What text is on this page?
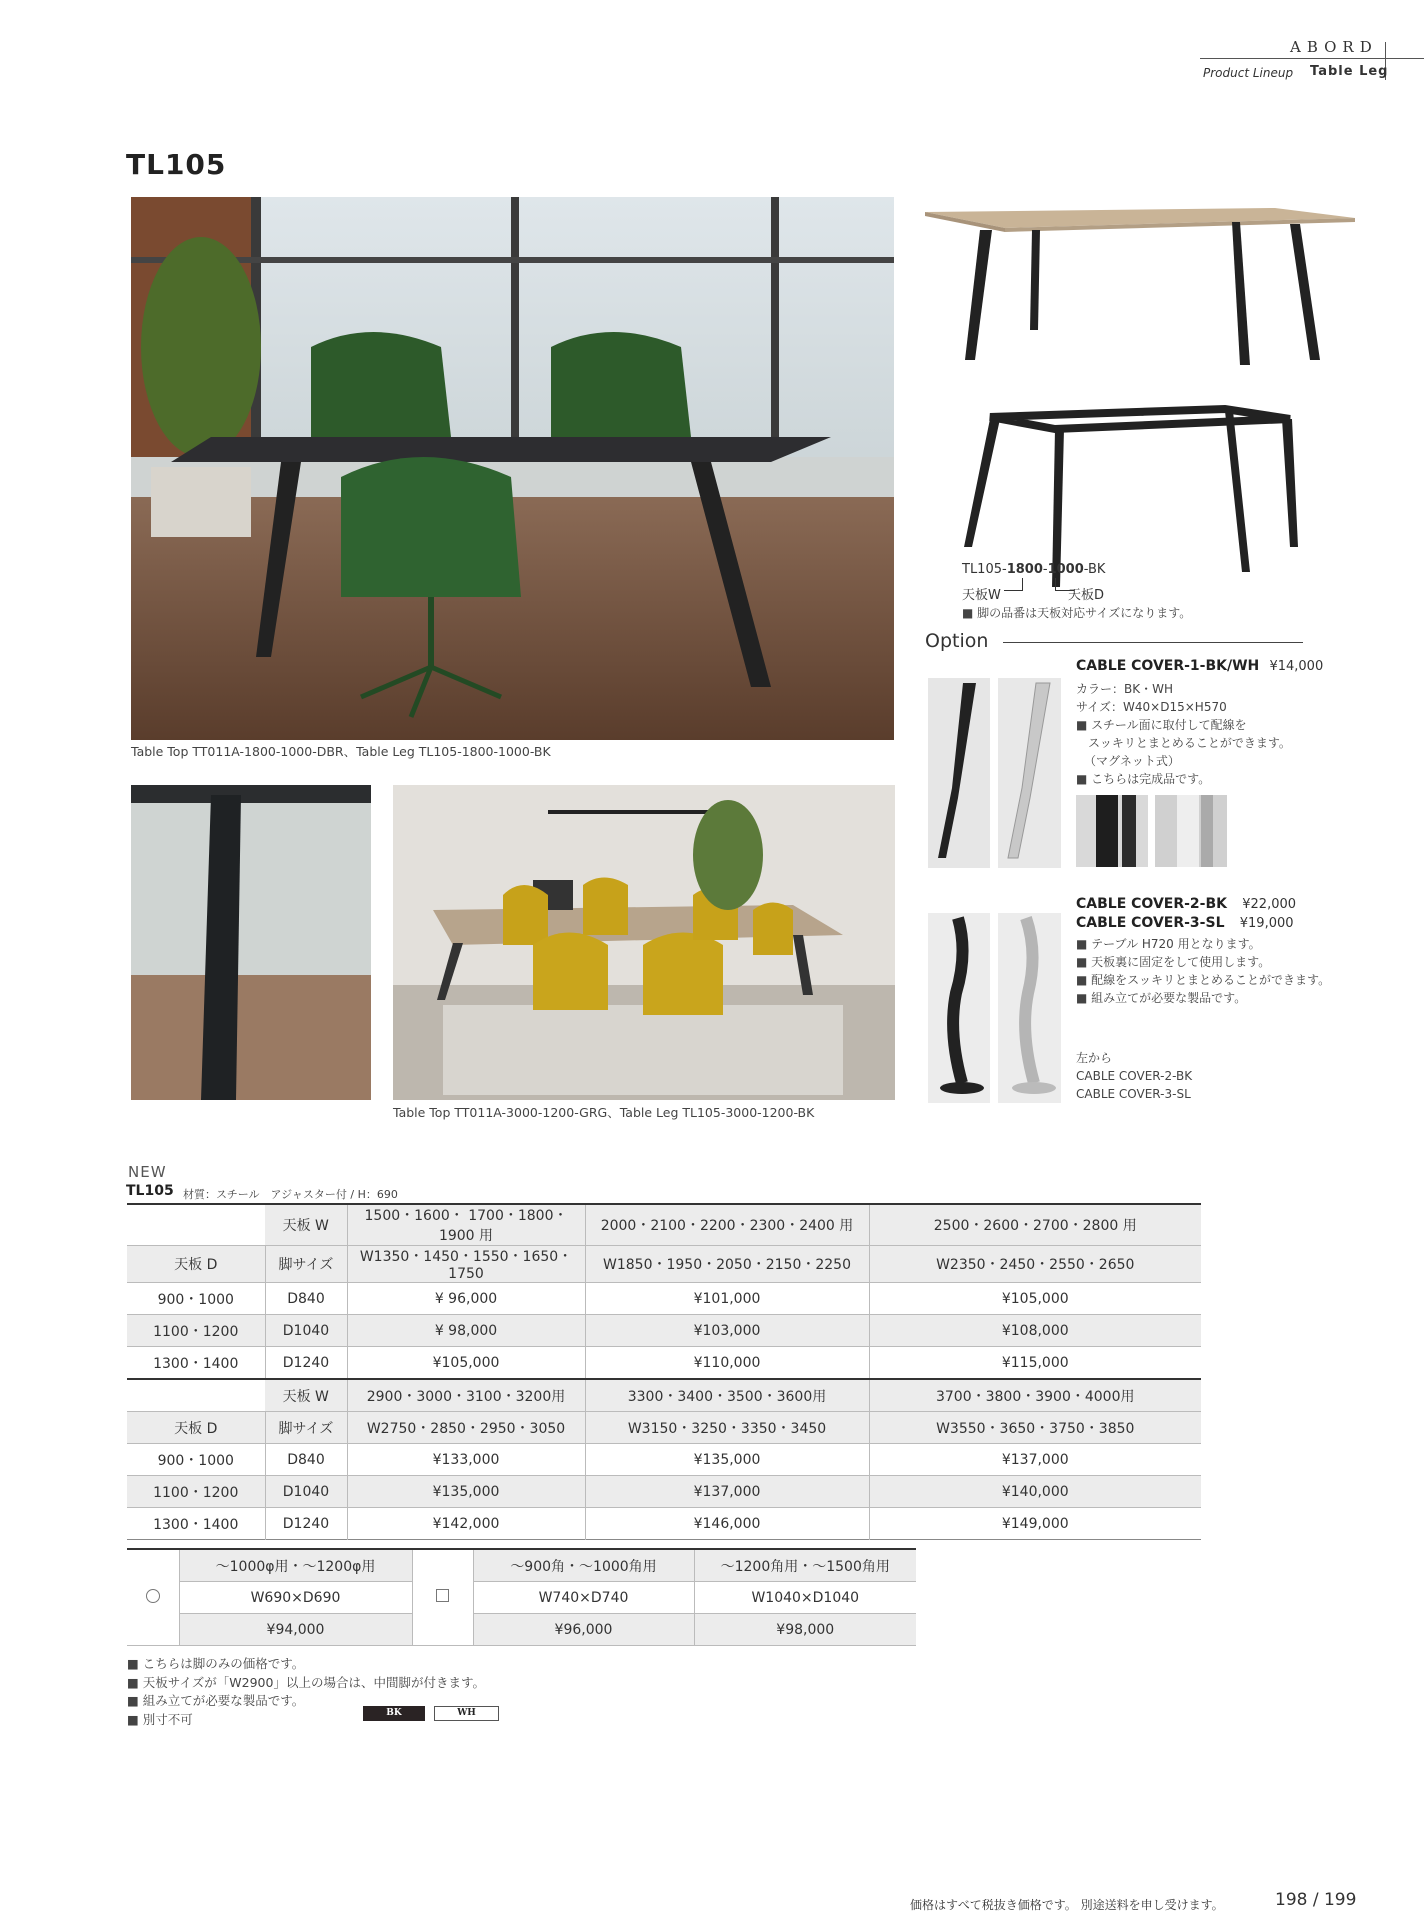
ABORD
Product Lineup Table Leg
TL105
Table Top TT011A-1800-1000-DBR、Table Leg TL105-1800-1000-BK
TL105-1800-1000-BK
天板W	天板D
■ 脚の品番は天板対応サイズになります。
Option
CABLE COVER-1-BK/WH ¥14,000
カラー：BK・WH
サイズ：W40×D15×H570
■ スチール面に取付して配線を
　スッキリとまとめることができます。
（マグネット式）
■ こちらは完成品です。
CABLE COVER-2-BK ¥22,000
CABLE COVER-3-SL ¥19,000
■ テーブル H720 用となります。
■ 天板裏に固定をして使用します。
■ 配線をスッキリとまとめることができます。
■ 組み立てが必要な製品です。
左から
CABLE COVER-2-BK
CABLE COVER-3-SL
Table Top TT011A-3000-1200-GRG、Table Leg TL105-3000-1200-BK
NEW
TL105 材質：スチール　アジャスター付 / H：690
	天板 W	1500・1600・ 1700・1800・1900 用	2000・2100・2200・2300・2400 用	2500・2600・2700・2800 用
天板 D	脚サイズ	W1350・1450・1550・1650・1750	W1850・1950・2050・2150・2250	W2350・2450・2550・2650
900・1000	D840	¥ 96,000	¥101,000	¥105,000
1100・1200	D1040	¥ 98,000	¥103,000	¥108,000
1300・1400	D1240	¥105,000	¥110,000	¥115,000
	天板 W	2900・3000・3100・3200用	3300・3400・3500・3600用	3700・3800・3900・4000用
天板 D	脚サイズ	W2750・2850・2950・3050	W3150・3250・3350・3450	W3550・3650・3750・3850
900・1000	D840	¥133,000	¥135,000	¥137,000
1100・1200	D1040	¥135,000	¥137,000	¥140,000
1300・1400	D1240	¥142,000	¥146,000	¥149,000
	～1000φ用・～1200φ用		～900角・～1000角用	～1200角用・～1500角用
	W690×D690		W740×D740	W1040×D1040
	¥94,000		¥96,000	¥98,000
■ こちらは脚のみの価格です。
■ 天板サイズが「W2900」以上の場合は、中間脚が付きます。
■ 組み立てが必要な製品です。
■ 別寸不可	BK	WH
価格はすべて税抜き価格です。 別途送料を申し受けます。	198 / 199
